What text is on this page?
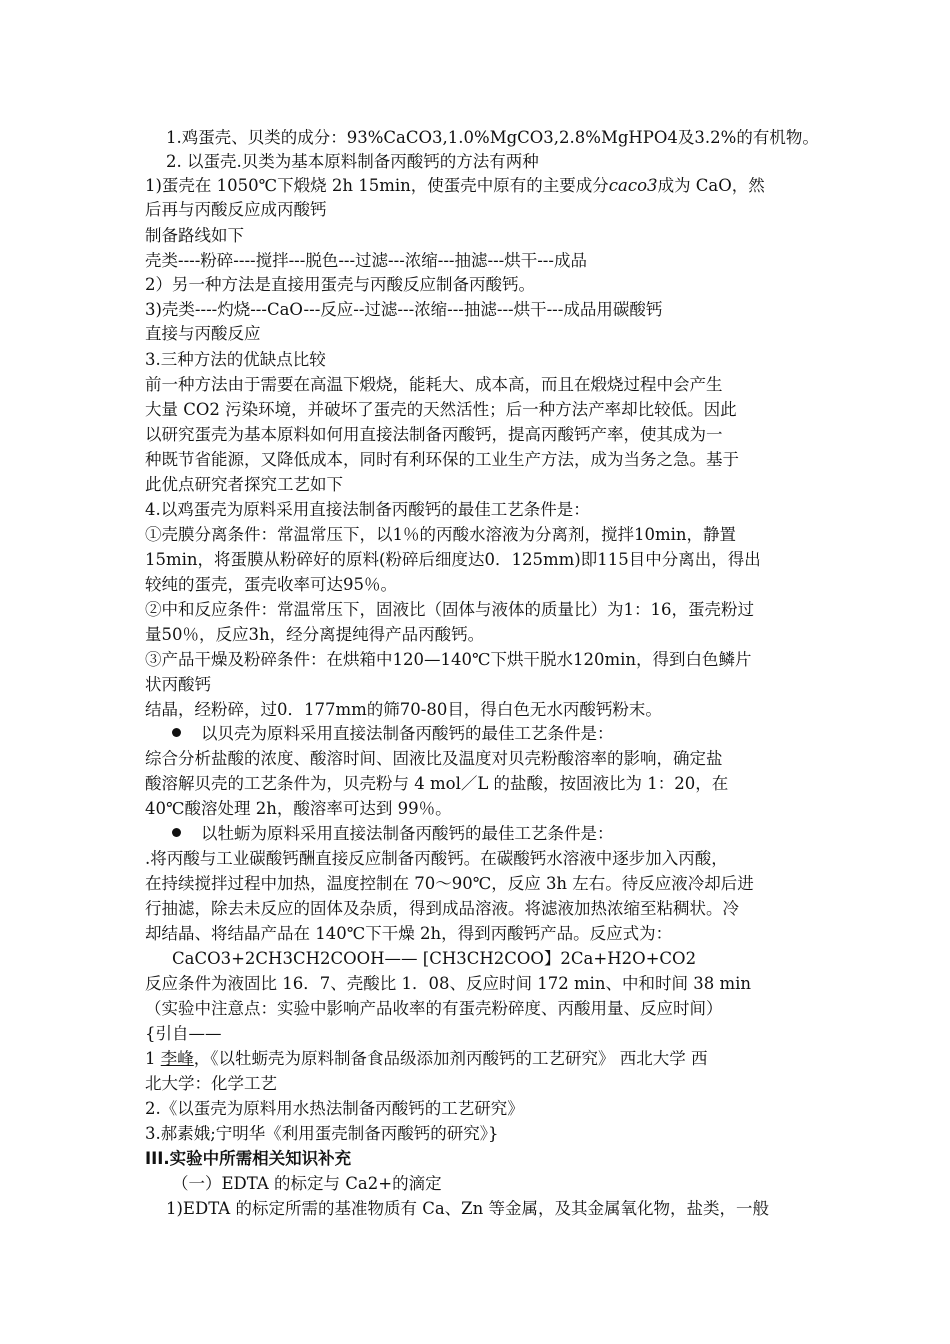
1.鸡蛋壳、贝类的成分：93%CaCO3,1.0%MgCO3,2.8%MgHPO4及3.2%的有机物。
2. 以蛋壳.贝类为基本原料制备丙酸钙的方法有两种
1)蛋壳在 1050℃下煅烧 2h 15min，使蛋壳中原有的主要成分caco3成为 CaO，然
后再与丙酸反应成丙酸钙
制备路线如下
壳类----粉碎----搅拌---脱色---过滤---浓缩---抽滤---烘干---成品
2）另一种方法是直接用蛋壳与丙酸反应制备丙酸钙。
3)壳类----灼烧---CaO---反应--过滤---浓缩---抽滤---烘干---成品用碳酸钙
直接与丙酸反应
3.三种方法的优缺点比较
前一种方法由于需要在高温下煅烧，能耗大、成本高，而且在煅烧过程中会产生
大量 CO2 污染环境，并破坏了蛋壳的天然活性；后一种方法产率却比较低。因此
以研究蛋壳为基本原料如何用直接法制备丙酸钙，提高丙酸钙产率，使其成为一
种既节省能源，又降低成本，同时有利环保的工业生产方法，成为当务之急。基于
此优点研究者探究工艺如下
4.以鸡蛋壳为原料采用直接法制备丙酸钙的最佳工艺条件是：
①壳膜分离条件：常温常压下，以1％的丙酸水溶液为分离剂，搅拌10min，静置
15min，将蛋膜从粉碎好的原料(粉碎后细度达0．125mm)即115目中分离出，得出
较纯的蛋壳，蛋壳收率可达95％。
②中和反应条件：常温常压下，固液比（固体与液体的质量比）为1：16，蛋壳粉过
量50％，反应3h，经分离提纯得产品丙酸钙。
③产品干燥及粉碎条件：在烘箱中120—140℃下烘干脱水120min，得到白色鳞片
状丙酸钙
结晶，经粉碎，过0．177mm的筛70-80目，得白色无水丙酸钙粉末。
以贝壳为原料采用直接法制备丙酸钙的最佳工艺条件是：
综合分析盐酸的浓度、酸溶时间、固液比及温度对贝壳粉酸溶率的影响，确定盐
酸溶解贝壳的工艺条件为，贝壳粉与 4 mol／L 的盐酸，按固液比为 1：20，在
40℃酸溶处理 2h，酸溶率可达到 99％。
以牡蛎为原料采用直接法制备丙酸钙的最佳工艺条件是：
.将丙酸与工业碳酸钙酬直接反应制备丙酸钙。在碳酸钙水溶液中逐步加入丙酸，
在持续搅拌过程中加热，温度控制在 70～90℃，反应 3h 左右。待反应液冷却后进
行抽滤，除去未反应的固体及杂质，得到成品溶液。将滤液加热浓缩至粘稠状。冷
却结晶、将结晶产品在 140℃下干燥 2h，得到丙酸钙产品。反应式为：
CaCO3+2CH3CH2COOH—— [CH3CH2COO】2Ca+H2O+CO2
反应条件为液固比 16．7、壳酸比 1．08、反应时间 172 min、中和时间 38 min
（实验中注意点：实验中影响产品收率的有蛋壳粉碎度、丙酸用量、反应时间）
{引自——
1 李峰，《以牡蛎壳为原料制备食品级添加剂丙酸钙的工艺研究》 西北大学 西
北大学：化学工艺
2.《以蛋壳为原料用水热法制备丙酸钙的工艺研究》
3.郝素娥;宁明华《利用蛋壳制备丙酸钙的研究》}
III.实验中所需相关知识补充
（一）EDTA 的标定与 Ca2+的滴定
1)EDTA 的标定所需的基准物质有 Ca、Zn 等金属，及其金属氧化物，盐类，一般
